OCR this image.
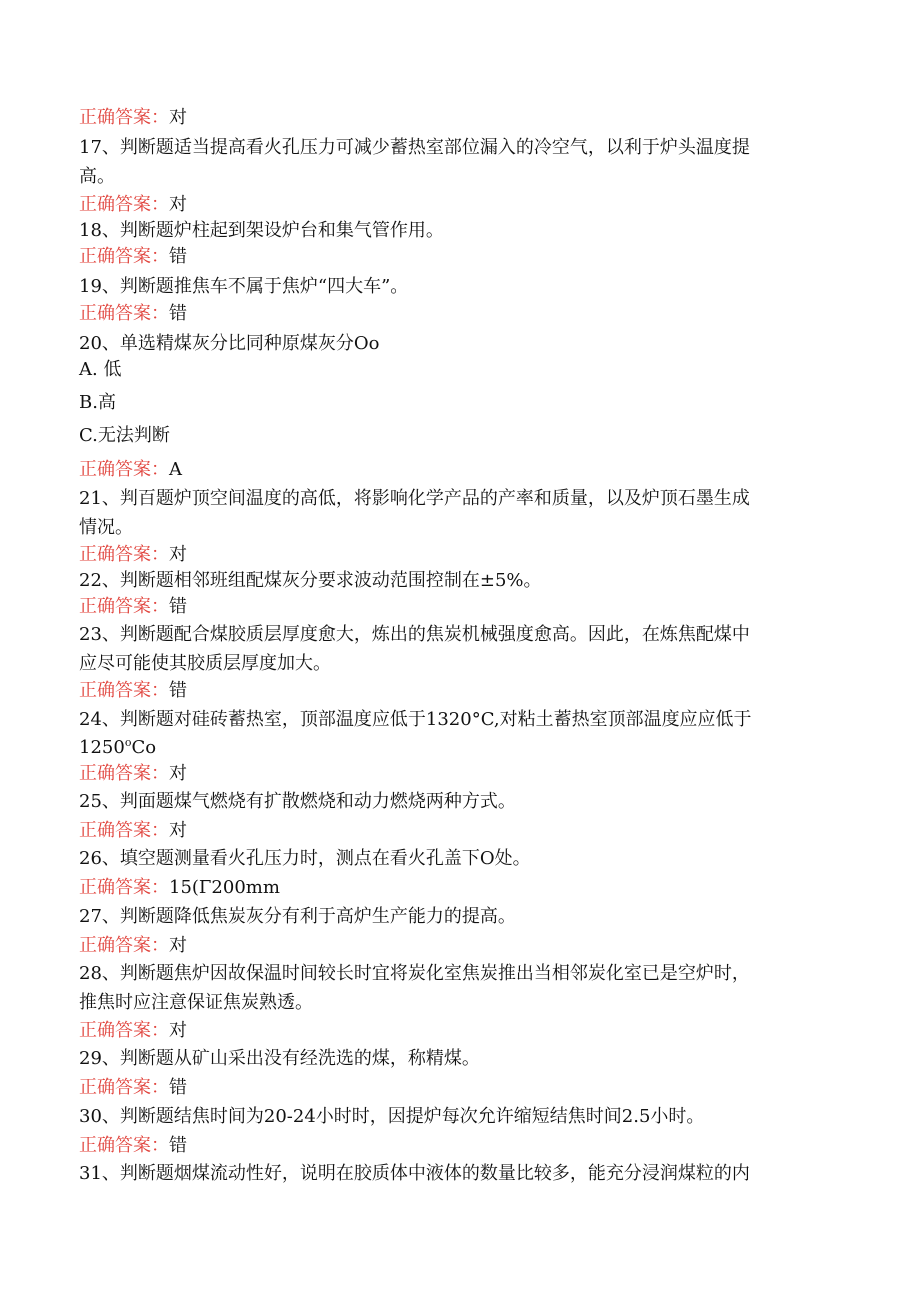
正确答案：对
17、判断题适当提高看火孔压力可减少蓄热室部位漏入的冷空气，以利于炉头温度提
高。
正确答案：对
18、判断题炉柱起到架设炉台和集气管作用。
正确答案：错
19、判断题推焦车不属于焦炉“四大车”。
正确答案：错
20、单选精煤灰分比同种原煤灰分Oo
A. 低
B.高
C.无法判断
正确答案：A
21、判百题炉顶空间温度的高低，将影响化学产品的产率和质量，以及炉顶石墨生成
情况。
正确答案：对
22、判断题相邻班组配煤灰分要求波动范围控制在±5%。
正确答案：错
23、判断题配合煤胶质层厚度愈大，炼出的焦炭机械强度愈高。因此，在炼焦配煤中
应尽可能使其胶质层厚度加大。
正确答案：错
24、判断题对硅砖蓄热室，顶部温度应低于1320°C,对粘土蓄热室顶部温度应应低于
1250$^o$Co
正确答案：对
25、判面题煤气燃烧有扩散燃烧和动力燃烧两种方式。
正确答案：对
26、填空题测量看火孔压力时，测点在看火孔盖下O处。
正确答案：15(Γ200mm
27、判断题降低焦炭灰分有利于高炉生产能力的提高。
正确答案：对
28、判断题焦炉因故保温时间较长时宜将炭化室焦炭推出当相邻炭化室已是空炉时，
推焦时应注意保证焦炭熟透。
正确答案：对
29、判断题从矿山采出没有经洗选的煤，称精煤。
正确答案：错
30、判断题结焦时间为20-24小时时，因提炉每次允许缩短结焦时间2.5小时。
正确答案：错
31、判断题烟煤流动性好，说明在胶质体中液体的数量比较多，能充分浸润煤粒的内
